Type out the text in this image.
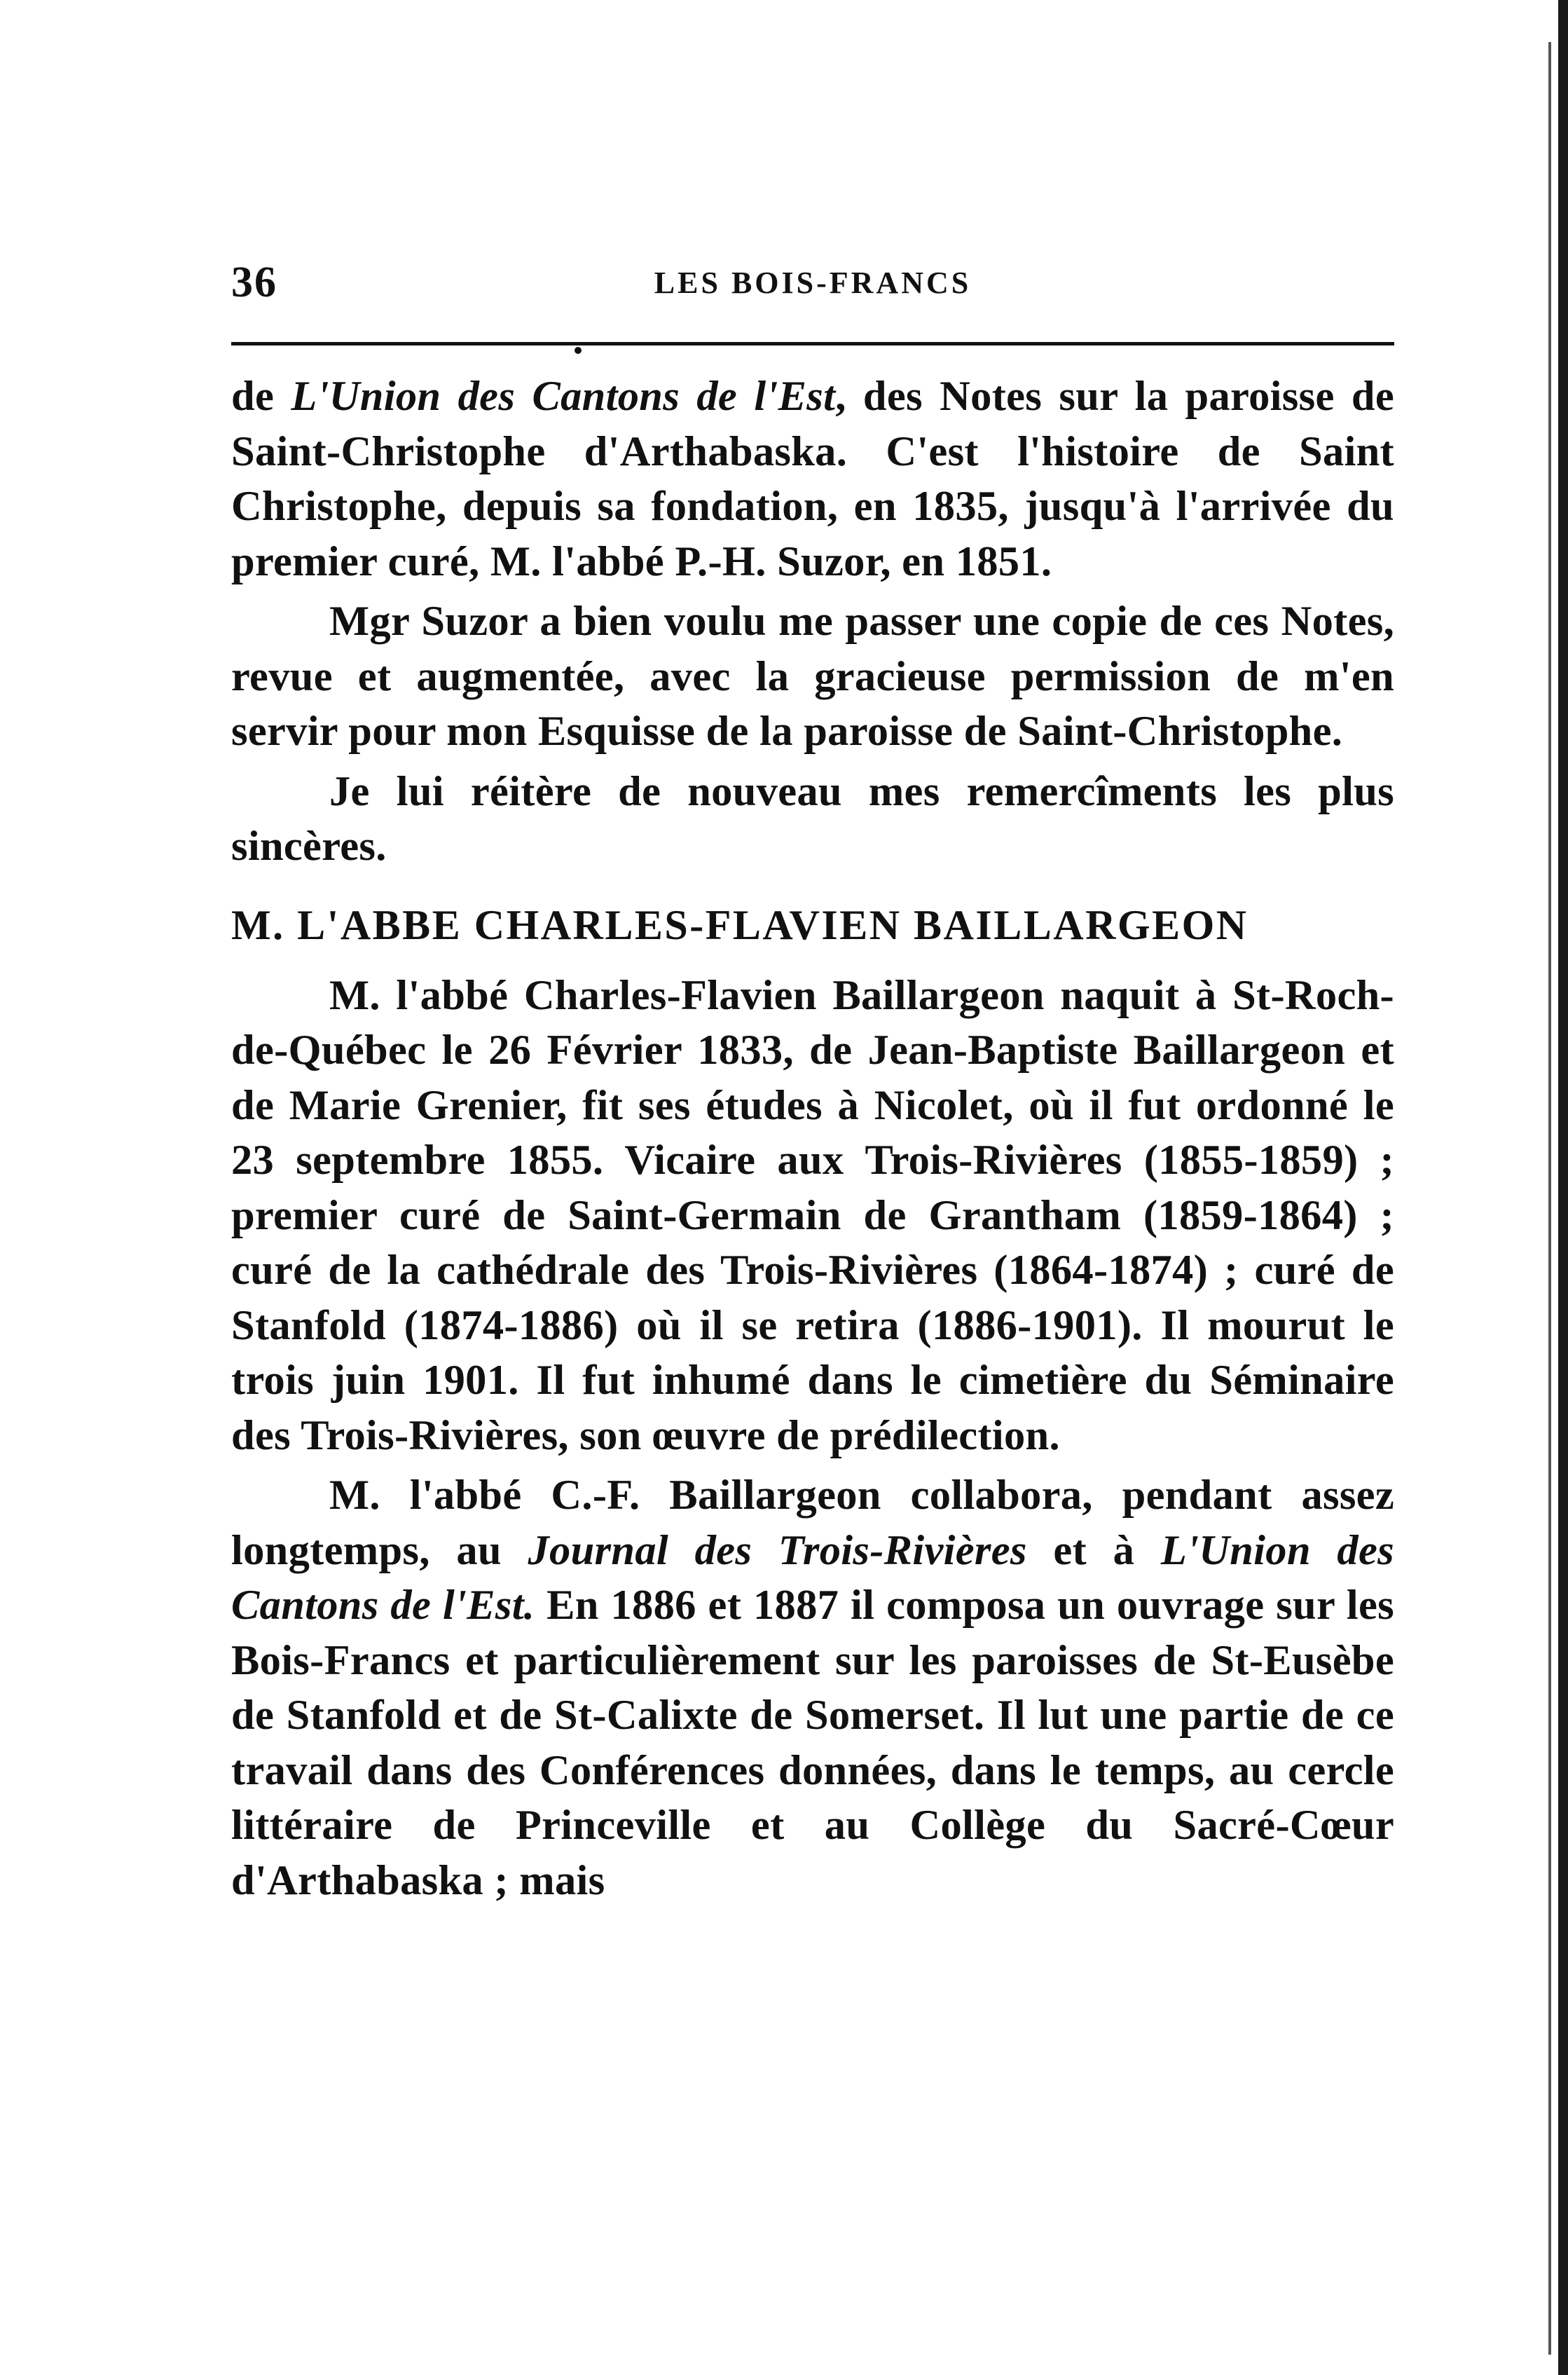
36	LES BOIS-FRANCS

de L'Union des Cantons de l'Est, des Notes sur la paroisse de Saint-Christophe d'Arthabaska. C'est l'histoire de Saint Christophe, depuis sa fondation, en 1835, jusqu'à l'arrivée du premier curé, M. l'abbé P.-H. Suzor, en 1851.

Mgr Suzor a bien voulu me passer une copie de ces Notes, revue et augmentée, avec la gracieuse permission de m'en servir pour mon Esquisse de la paroisse de Saint-Christophe.

Je lui réitère de nouveau mes remercîments les plus sincères.

M. L'ABBE CHARLES-FLAVIEN BAILLARGEON

M. l'abbé Charles-Flavien Baillargeon naquit à St-Roch-de-Québec le 26 Février 1833, de Jean-Baptiste Baillargeon et de Marie Grenier, fit ses études à Nicolet, où il fut ordonné le 23 septembre 1855. Vicaire aux Trois-Rivières (1855-1859) ; premier curé de Saint-Germain de Grantham (1859-1864) ; curé de la cathédrale des Trois-Rivières (1864-1874) ; curé de Stanfold (1874-1886) où il se retira (1886-1901). Il mourut le trois juin 1901. Il fut inhumé dans le cimetière du Séminaire des Trois-Rivières, son œuvre de prédilection.

M. l'abbé C.-F. Baillargeon collabora, pendant assez longtemps, au Journal des Trois-Rivières et à L'Union des Cantons de l'Est. En 1886 et 1887 il composa un ouvrage sur les Bois-Francs et particulièrement sur les paroisses de St-Eusèbe de Stanfold et de St-Calixte de Somerset. Il lut une partie de ce travail dans des Conférences données, dans le temps, au cercle littéraire de Princeville et au Collège du Sacré-Cœur d'Arthabaska ; mais
